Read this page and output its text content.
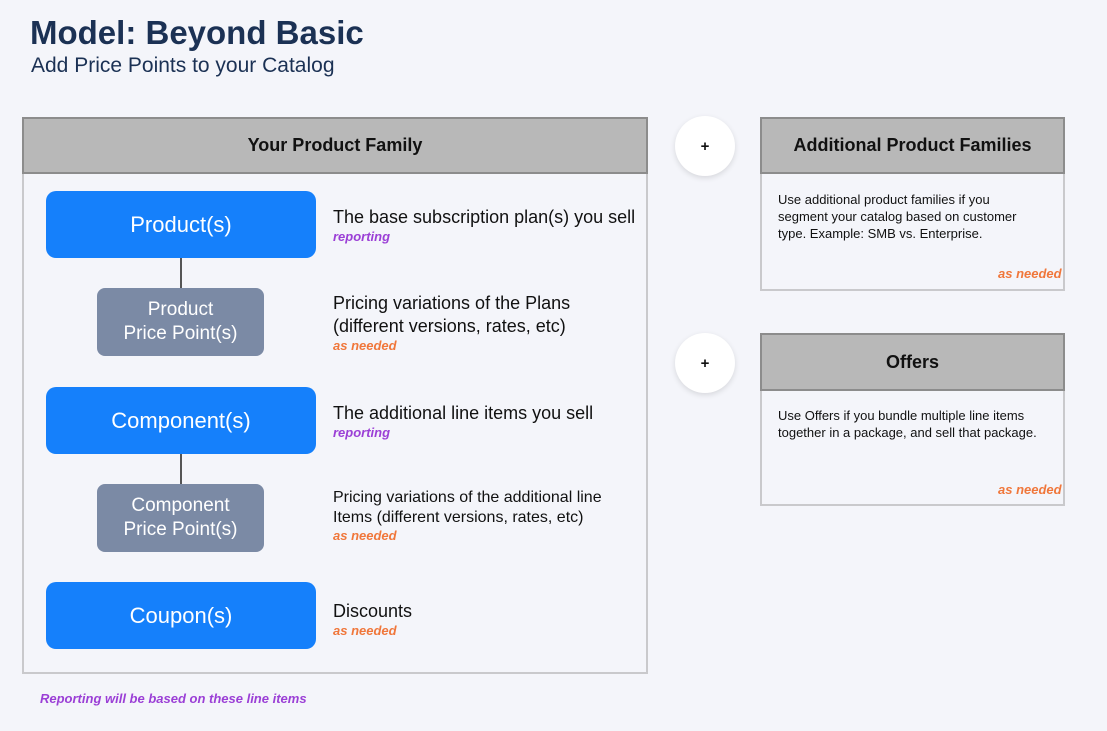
Model: Beyond Basic
Add Price Points to your Catalog
Your Product Family
Product(s)	The base subscription plan(s) you sell
reporting
Product
Price Point(s)
Pricing variations of the Plans
(different versions, rates, etc)
as needed
Component(s)	The additional line items you sell
reporting
Component
Price Point(s)
Pricing variations of the additional line
Items (different versions, rates, etc)
as needed
Coupon(s)	Discounts
as needed
+
+
Additional Product Families
Use additional product families if you
segment your catalog based on customer
type. Example: SMB vs. Enterprise.
as needed
Offers
Use Offers if you bundle multiple line items
together in a package, and sell that package.
as needed
Reporting will be based on these line items
